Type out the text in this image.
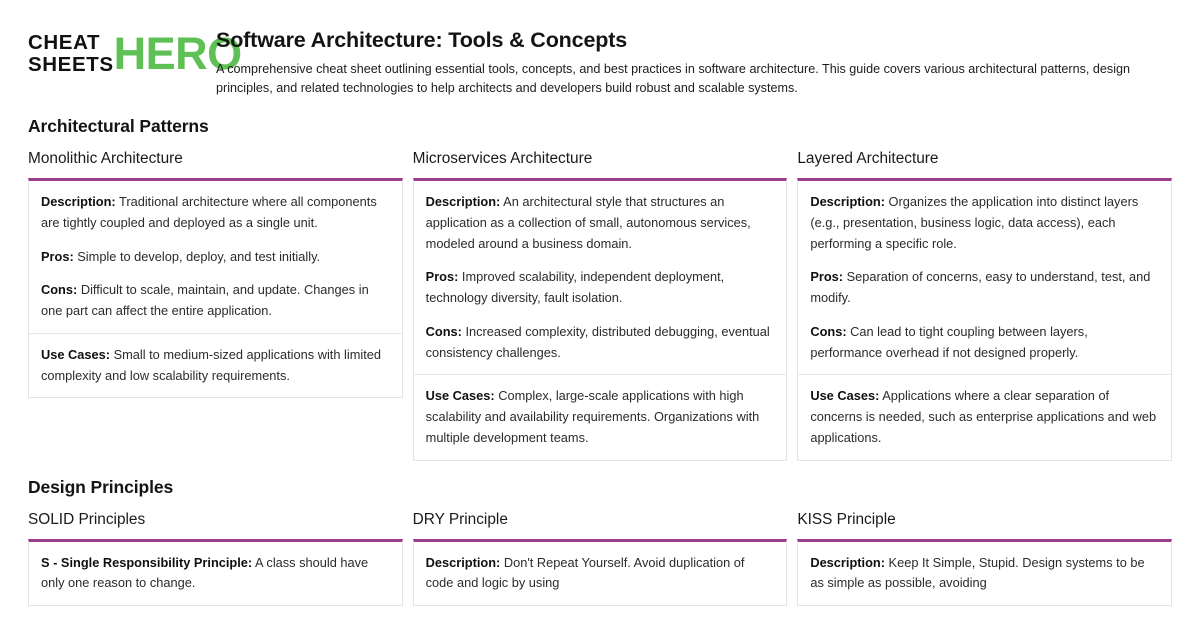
CHEAT
SHEETS HERO
Software Architecture: Tools & Concepts

A comprehensive cheat sheet outlining essential tools, concepts, and best practices in software architecture. This guide covers various architectural patterns, design principles, and related technologies to help architects and developers build robust and scalable systems.

Architectural Patterns
Monolithic Architecture

Description: Traditional architecture where all components are tightly coupled and deployed as a single unit.

Pros: Simple to develop, deploy, and test initially.

Cons: Difficult to scale, maintain, and update. Changes in one part can affect the entire application.

Use Cases: Small to medium-sized applications with limited complexity and low scalability requirements.

Microservices Architecture

Description: An architectural style that structures an application as a collection of small, autonomous services, modeled around a business domain.

Pros: Improved scalability, independent deployment, technology diversity, fault isolation.

Cons: Increased complexity, distributed debugging, eventual consistency challenges.

Use Cases: Complex, large-scale applications with high scalability and availability requirements. Organizations with multiple development teams.

Layered Architecture

Description: Organizes the application into distinct layers (e.g., presentation, business logic, data access), each performing a specific role.

Pros: Separation of concerns, easy to understand, test, and modify.

Cons: Can lead to tight coupling between layers, performance overhead if not designed properly.

Use Cases: Applications where a clear separation of concerns is needed, such as enterprise applications and web applications.

Design Principles
SOLID Principles

S - Single Responsibility Principle: A class should have only one reason to change.

DRY Principle

Description: Don't Repeat Yourself. Avoid duplication of code and logic by using

KISS Principle

Description: Keep It Simple, Stupid. Design systems to be as simple as possible, avoiding
